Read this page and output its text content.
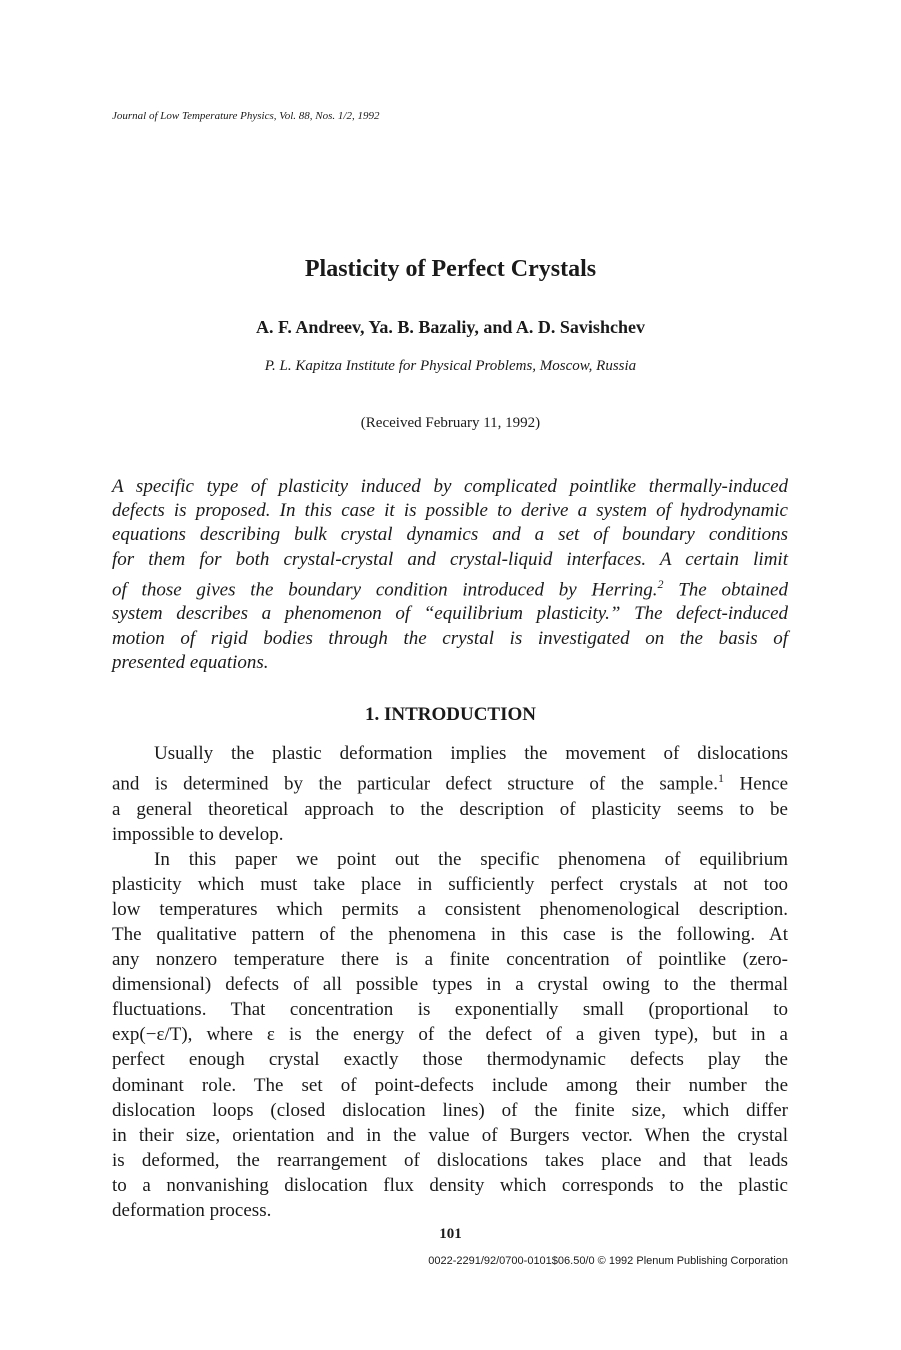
Journal of Low Temperature Physics, Vol. 88, Nos. 1/2, 1992
Plasticity of Perfect Crystals
A. F. Andreev, Ya. B. Bazaliy, and A. D. Savishchev
P. L. Kapitza Institute for Physical Problems, Moscow, Russia
(Received February 11, 1992)
A specific type of plasticity induced by complicated pointlike thermally-induced
defects is proposed. In this case it is possible to derive a system of hydrodynamic
equations describing bulk crystal dynamics and a set of boundary conditions
for them for both crystal-crystal and crystal-liquid interfaces. A certain limit
of those gives the boundary condition introduced by Herring.$^2$ The obtained
system describes a phenomenon of “equilibrium plasticity.” The defect-induced
motion of rigid bodies through the crystal is investigated on the basis of
presented equations.
1. INTRODUCTION
Usually the plastic deformation implies the movement of dislocations
and is determined by the particular defect structure of the sample.$^1$ Hence
a general theoretical approach to the description of plasticity seems to be
impossible to develop.
In this paper we point out the specific phenomena of equilibrium
plasticity which must take place in sufficiently perfect crystals at not too
low temperatures which permits a consistent phenomenological description.
The qualitative pattern of the phenomena in this case is the following. At
any nonzero temperature there is a finite concentration of pointlike (zero-
dimensional) defects of all possible types in a crystal owing to the thermal
fluctuations. That concentration is exponentially small (proportional to
exp(−ε/T), where ε is the energy of the defect of a given type), but in a
perfect enough crystal exactly those thermodynamic defects play the
dominant role. The set of point-defects include among their number the
dislocation loops (closed dislocation lines) of the finite size, which differ
in their size, orientation and in the value of Burgers vector. When the crystal
is deformed, the rearrangement of dislocations takes place and that leads
to a nonvanishing dislocation flux density which corresponds to the plastic
deformation process.
101
0022-2291/92/0700-0101$06.50/0 © 1992 Plenum Publishing Corporation
